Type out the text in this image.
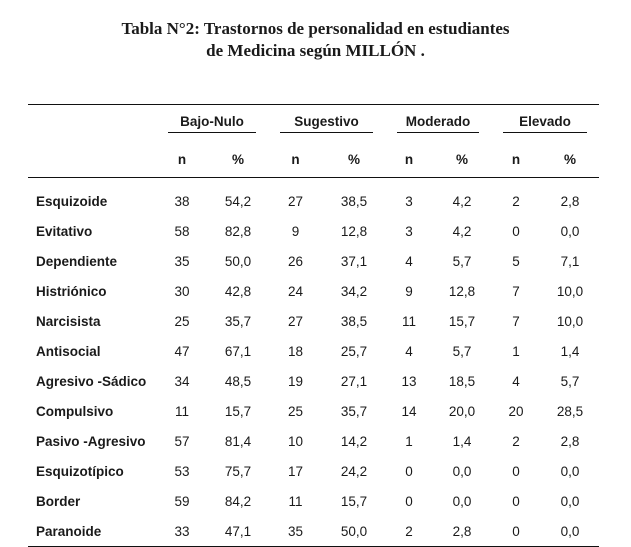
Tabla N°2: Trastornos de personalidad en estudiantes
de Medicina según MILLÓN .
	Bajo-Nulo		Sugestivo		Moderado		Elevado	

	n	%	n	%	n	%	n	%
Esquizoide	38	54,2	27	38,5	3	4,2	2	2,8
Evitativo	58	82,8	9	12,8	3	4,2	0	0,0
Dependiente	35	50,0	26	37,1	4	5,7	5	7,1
Histriónico	30	42,8	24	34,2	9	12,8	7	10,0
Narcisista	25	35,7	27	38,5	11	15,7	7	10,0
Antisocial	47	67,1	18	25,7	4	5,7	1	1,4
Agresivo -Sádico	34	48,5	19	27,1	13	18,5	4	5,7
Compulsivo	11	15,7	25	35,7	14	20,0	20	28,5
Pasivo -Agresivo	57	81,4	10	14,2	1	1,4	2	2,8
Esquizotípico	53	75,7	17	24,2	0	0,0	0	0,0
Border	59	84,2	11	15,7	0	0,0	0	0,0
Paranoide	33	47,1	35	50,0	2	2,8	0	0,0
